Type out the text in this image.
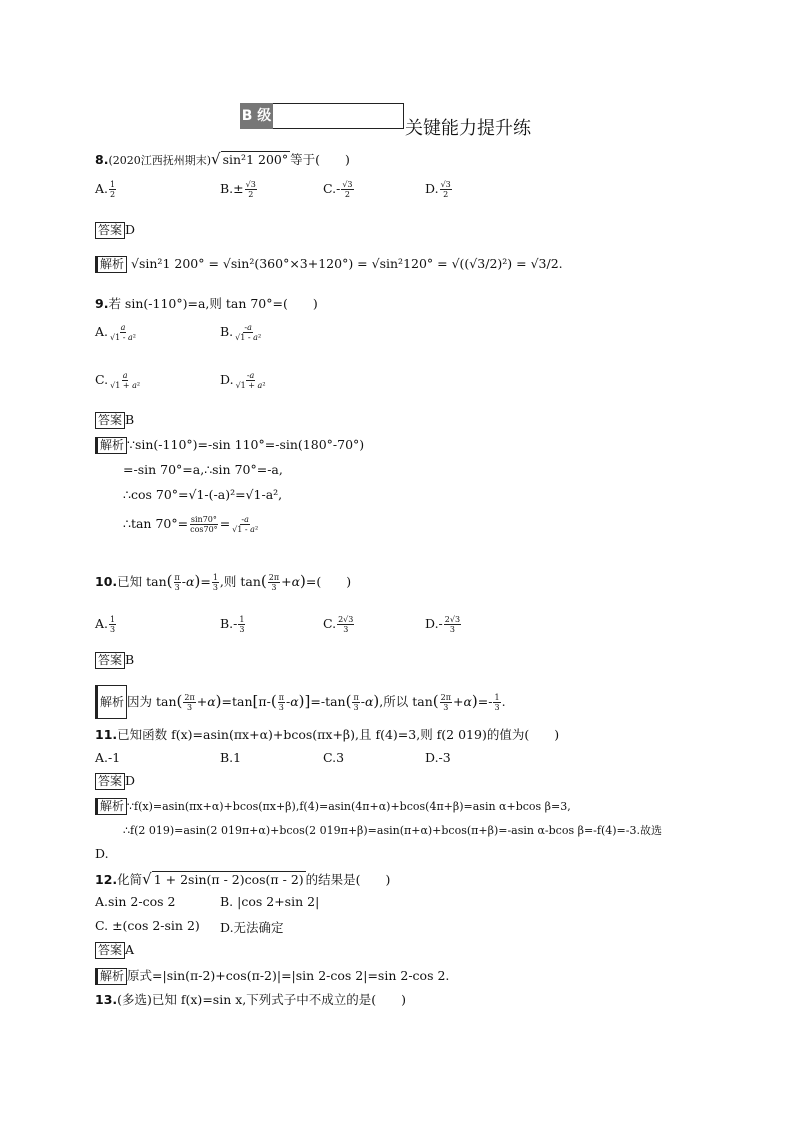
B 级
关键能力提升练
8.(2020江西抚州期末)√ sin²1 200° 等于(　　)
A. $\frac{1}{2}$	$B.\pm \frac{√3}{2}$	$C.- \frac{√3}{2}$	D. $\frac{√3}{2}$
答案 D
解析 √sin²1 200° = √sin²(360°×3+120°) = √sin²120° = √((√3/2)²) = √3/2.
9.若 sin(-110°)=a,则 tan 70°=(　　)
A. $\frac{a}{\text{√1 - a²}}$	B. $\frac{-a}{\text{√1 - a²}}$
C. $\frac{a}{\text{√1 + a²}}$	D. $\frac{-a}{\text{√1 + a²}}$
答案 B
解析 ∵sin(-110°)=-sin 110°=-sin(180°-70°)
=-sin 70°=a,∴sin 70°=-a,
∴cos 70°=√1-(-a)²=√1-a²,
∴tan $70^\circ= \frac{\sin 70^\circ}{\cos 70^\circ} = \frac{-a}{\text{√1 - a²}}$
10.已知 $\tan( \frac{\pi}{3} -\alpha)= \frac{1}{3}$ ,则 $\tan( \frac{2\pi}{3} +\alpha)=$(　　)
A. $\frac{1}{3}$	$B.- \frac{1}{3}$	C. $\frac{2√3}{3}$	$D.- \frac{2√3}{3}$
答案 B
解析 因为 $\tan( \frac{2\pi}{3} +\alpha)=\tan[\pi-( \frac{\pi}{3} -\alpha)]=-\tan( \frac{\pi}{3} -\alpha)$,所以 $\tan( \frac{2\pi}{3} +\alpha)=- \frac{1}{3}$ .
11.已知函数 f(x)=asin(πx+α)+bcos(πx+β),且 f(4)=3,则 f(2 019)的值为(　　)
A.-1	B.1	C.3	D.-3
答案 D
解析 ∵f(x)=asin(πx+α)+bcos(πx+β),f(4)=asin(4π+α)+bcos(4π+β)=asin α+bcos β=3,
∴f(2 019)=asin(2 019π+α)+bcos(2 019π+β)=asin(π+α)+bcos(π+β)=-asin α-bcos β=-f(4)=-3.故选
D.
12.化简√ 1 + 2sin(π - 2)cos(π - 2) 的结果是(　　)
A.sin 2-cos 2	B. |cos 2+sin 2|
C. ±(cos 2-sin 2) D.无法确定
答案 A
解析 原式=|sin(π-2)+cos(π-2)|=|sin 2-cos 2|=sin 2-cos 2.
13.(多选)已知 f(x)=sin x,下列式子中不成立的是(　　)
